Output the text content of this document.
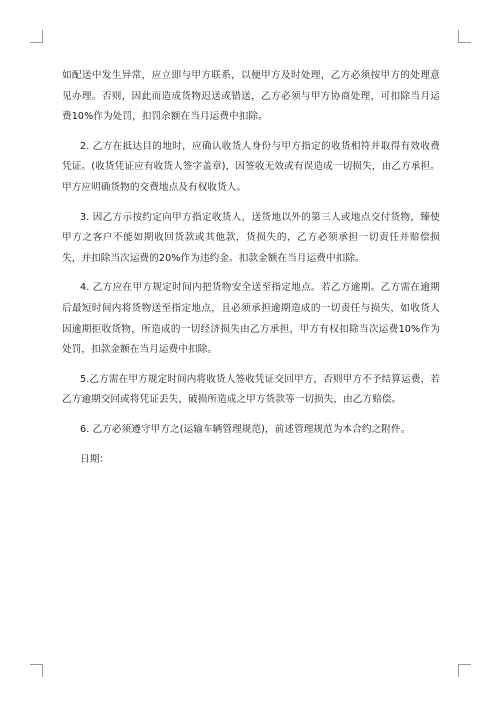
如配送中发生异常，应立即与甲方联系，以便甲方及时处理，乙方必须按甲方的处理意见办理。否则，因此而造成货物迟送或错送，乙方必须与甲方协商处理，可扣除当月运费10%作为处罚，扣罚余额在当月运费中扣除。

2. 乙方在抵达目的地时，应确认收货人身份与甲方指定的收货相符并取得有效收费凭证。(收货凭证应有收货人签字盖章)，因签收无效或有误造成一切损失，由乙方承担。甲方应明确货物的交费地点及有权收货人。

3. 因乙方示按约定向甲方指定收货人，送货地以外的第三人或地点交付货物，臻使甲方之客户不能如期收回货款或其他款，货损失的，乙方必须承担一切责任并赔偿损失，并扣除当次运费的20%作为违约金。扣款金额在当月运费中扣除。

4. 乙方应在甲方规定时间内把货物安全送至指定地点。若乙方逾期。乙方需在逾期后最短时间内将货物送至指定地点，且必须承担逾期造成的一切责任与损失，如收货人因逾期拒收货物，所造成的一切经济损失由乙方承担，甲方有权扣除当次运费10%作为处罚，扣款金额在当月运费中扣除。

5.乙方需在甲方规定时间内将收货人签收凭证交回甲方，否则甲方不予结算运费，若乙方逾期交回或将凭证丢失，破损所造成之甲方货款等一切损失，由乙方赔偿。

6. 乙方必须遵守甲方之(运输车辆管理规范)，前述管理规范为本合约之附件。

日期：
